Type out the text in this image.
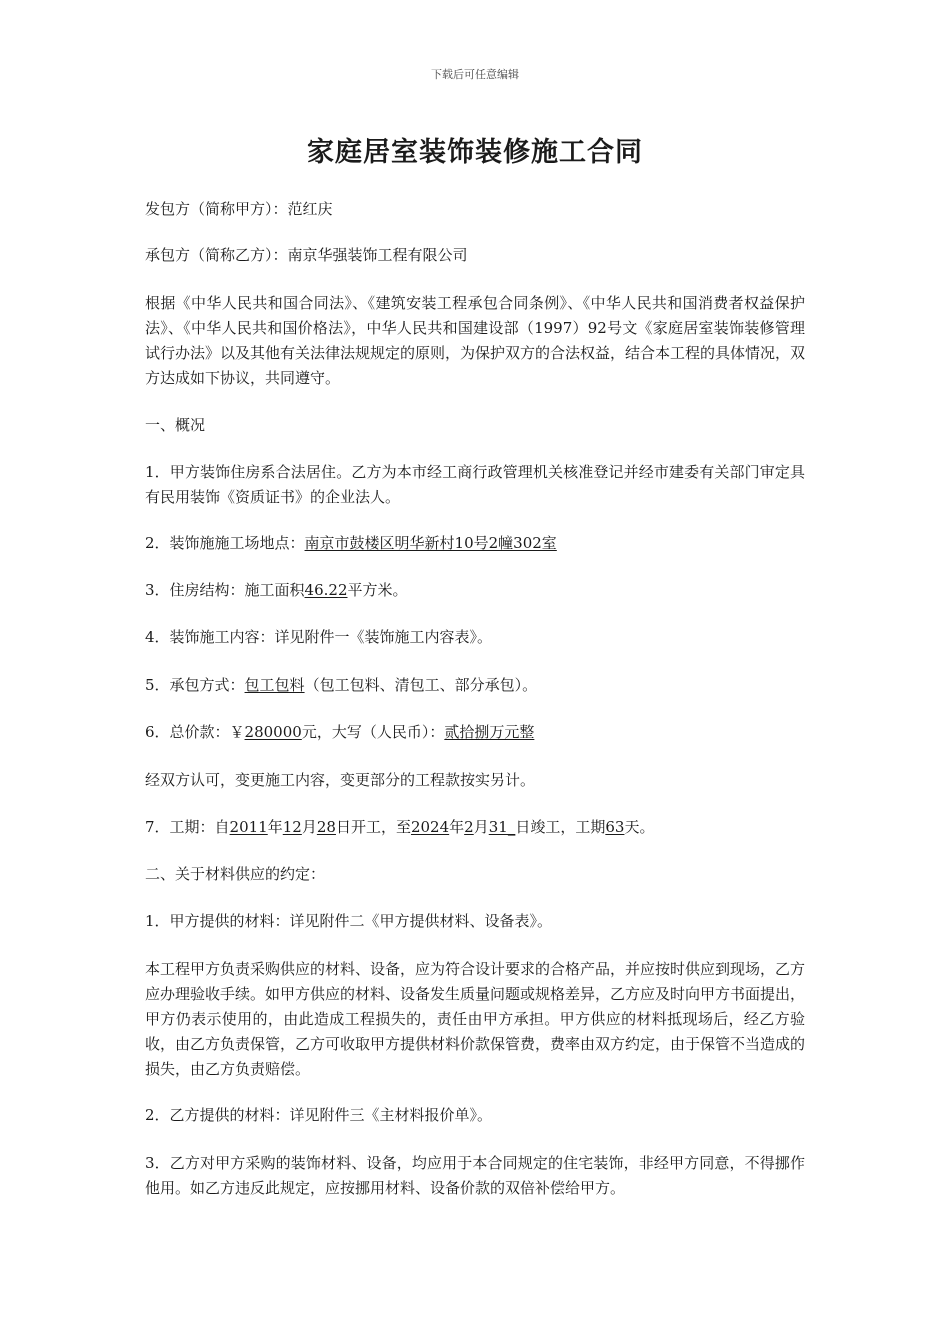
下载后可任意编辑
家庭居室装饰装修施工合同

发包方（简称甲方）：范红庆

承包方（简称乙方）：南京华强装饰工程有限公司

根据《中华人民共和国合同法》、《建筑安装工程承包合同条例》、《中华人民共和国消费者权益保护法》、《中华人民共和国价格法》，中华人民共和国建设部（1997）92号文《家庭居室装饰装修管理试行办法》以及其他有关法律法规规定的原则，为保护双方的合法权益，结合本工程的具体情况，双方达成如下协议，共同遵守。

一、概况

1．甲方装饰住房系合法居住。乙方为本市经工商行政管理机关核准登记并经市建委有关部门审定具有民用装饰《资质证书》的企业法人。

2．装饰施施工场地点：南京市鼓楼区明华新村10号2幢302室

3．住房结构：施工面积46.22平方米。

4．装饰施工内容：详见附件一《装饰施工内容表》。

5．承包方式：包工包料（包工包料、清包工、部分承包）。

6．总价款：￥280000元，大写（人民币）：贰拾捌万元整

经双方认可，变更施工内容，变更部分的工程款按实另计。

7．工期：自2011年12月28日开工，至2024年2月31_日竣工，工期63天。

二、关于材料供应的约定：

1．甲方提供的材料：详见附件二《甲方提供材料、设备表》。

本工程甲方负责采购供应的材料、设备，应为符合设计要求的合格产品，并应按时供应到现场，乙方应办理验收手续。如甲方供应的材料、设备发生质量问题或规格差异，乙方应及时向甲方书面提出，甲方仍表示使用的，由此造成工程损失的，责任由甲方承担。甲方供应的材料抵现场后，经乙方验收，由乙方负责保管，乙方可收取甲方提供材料价款保管费，费率由双方约定，由于保管不当造成的损失，由乙方负责赔偿。

2．乙方提供的材料：详见附件三《主材料报价单》。

3．乙方对甲方采购的装饰材料、设备，均应用于本合同规定的住宅装饰，非经甲方同意，不得挪作他用。如乙方违反此规定，应按挪用材料、设备价款的双倍补偿给甲方。
